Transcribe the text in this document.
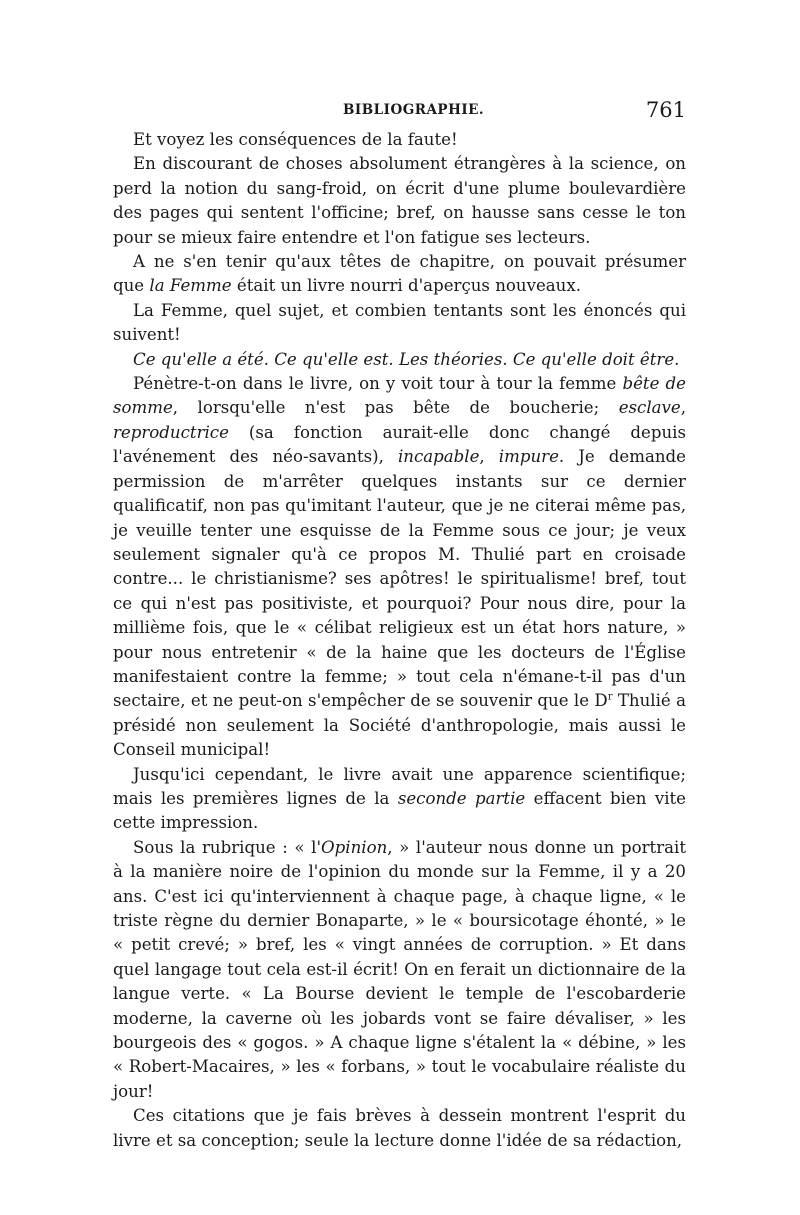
BIBLIOGRAPHIE.	761

Et voyez les conséquences de la faute!

En discourant de choses absolument étrangères à la science, on perd la notion du sang-froid, on écrit d'une plume boulevardière des pages qui sentent l'officine; bref, on hausse sans cesse le ton pour se mieux faire entendre et l'on fatigue ses lecteurs.

A ne s'en tenir qu'aux têtes de chapitre, on pouvait présumer que la Femme était un livre nourri d'aperçus nouveaux.

La Femme, quel sujet, et combien tentants sont les énoncés qui suivent!

Ce qu'elle a été. Ce qu'elle est. Les théories. Ce qu'elle doit être.

Pénètre-t-on dans le livre, on y voit tour à tour la femme bête de somme, lorsqu'elle n'est pas bête de boucherie; esclave, reproductrice (sa fonction aurait-elle donc changé depuis l'avénement des néo-savants), incapable, impure. Je demande permission de m'arrêter quelques instants sur ce dernier qualificatif, non pas qu'imitant l'auteur, que je ne citerai même pas, je veuille tenter une esquisse de la Femme sous ce jour; je veux seulement signaler qu'à ce propos M. Thulié part en croisade contre... le christianisme? ses apôtres! le spiritualisme! bref, tout ce qui n'est pas positiviste, et pourquoi? Pour nous dire, pour la millième fois, que le « célibat religieux est un état hors nature, » pour nous entretenir « de la haine que les docteurs de l'Église manifestaient contre la femme; » tout cela n'émane-t-il pas d'un sectaire, et ne peut-on s'empêcher de se souvenir que le $D^r$ Thulié a présidé non seulement la Société d'anthropologie, mais aussi le Conseil municipal!

Jusqu'ici cependant, le livre avait une apparence scientifique; mais les premières lignes de la seconde partie effacent bien vite cette impression.

Sous la rubrique : « l'Opinion, » l'auteur nous donne un portrait à la manière noire de l'opinion du monde sur la Femme, il y a 20 ans. C'est ici qu'interviennent à chaque page, à chaque ligne, « le triste règne du dernier Bonaparte, » le « boursicotage éhonté, » le « petit crevé; » bref, les « vingt années de corruption. » Et dans quel langage tout cela est-il écrit! On en ferait un dictionnaire de la langue verte. « La Bourse devient le temple de l'escobarderie moderne, la caverne où les jobards vont se faire dévaliser, » les bourgeois des « gogos. » A chaque ligne s'étalent la « débine, » les « Robert-Macaires, » les « forbans, » tout le vocabulaire réaliste du jour!

Ces citations que je fais brèves à dessein montrent l'esprit du livre et sa conception; seule la lecture donne l'idée de sa rédaction,
